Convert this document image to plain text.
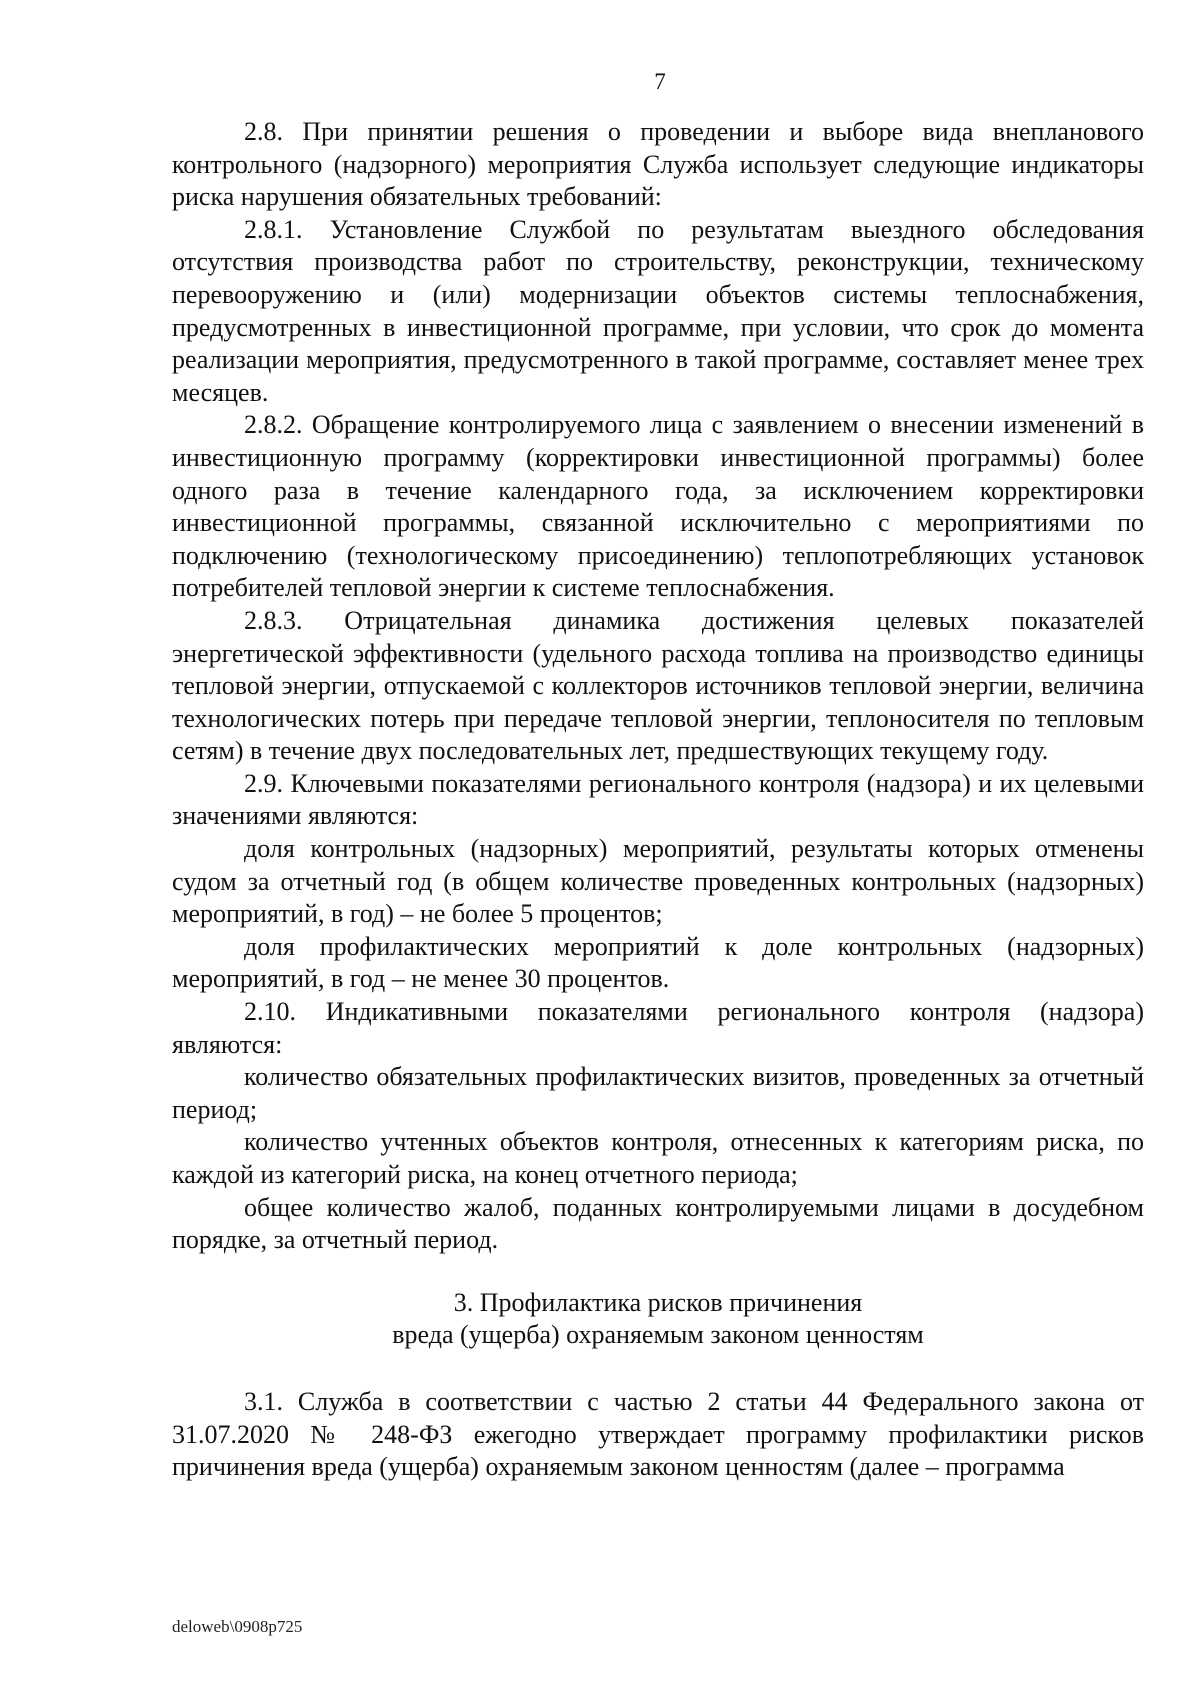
7

2.8. При принятии решения о проведении и выборе вида внепланового контрольного (надзорного) мероприятия Служба использует следующие индикаторы риска нарушения обязательных требований:

2.8.1. Установление Службой по результатам выездного обследования отсутствия производства работ по строительству, реконструкции, техническому перевооружению и (или) модернизации объектов системы теплоснабжения, предусмотренных в инвестиционной программе, при условии, что срок до момента реализации мероприятия, предусмотренного в такой программе, составляет менее трех месяцев.

2.8.2. Обращение контролируемого лица с заявлением о внесении изменений в инвестиционную программу (корректировки инвестиционной программы) более одного раза в течение календарного года, за исключением корректировки инвестиционной программы, связанной исключительно с мероприятиями по подключению (технологическому присоединению) теплопотребляющих установок потребителей тепловой энергии к системе теплоснабжения.

2.8.3. Отрицательная динамика достижения целевых показателей энергетической эффективности (удельного расхода топлива на производство единицы тепловой энергии, отпускаемой с коллекторов источников тепловой энергии, величина технологических потерь при передаче тепловой энергии, теплоносителя по тепловым сетям) в течение двух последовательных лет, предшествующих текущему году.

2.9. Ключевыми показателями регионального контроля (надзора) и их целевыми значениями являются:

доля контрольных (надзорных) мероприятий, результаты которых отменены судом за отчетный год (в общем количестве проведенных контрольных (надзорных) мероприятий, в год) – не более 5 процентов;

доля профилактических мероприятий к доле контрольных (надзорных) мероприятий, в год – не менее 30 процентов.

2.10. Индикативными показателями регионального контроля (надзора) являются:

количество обязательных профилактических визитов, проведенных за отчетный период;

количество учтенных объектов контроля, отнесенных к категориям риска, по каждой из категорий риска, на конец отчетного периода;

общее количество жалоб, поданных контролируемыми лицами в досудебном порядке, за отчетный период.

3. Профилактика рисков причинения
вреда (ущерба) охраняемым законом ценностям

3.1. Служба в соответствии с частью 2 статьи 44 Федерального закона от 31.07.2020 № 248-ФЗ ежегодно утверждает программу профилактики рисков причинения вреда (ущерба) охраняемым законом ценностям (далее – программа

deloweb\0908p725
